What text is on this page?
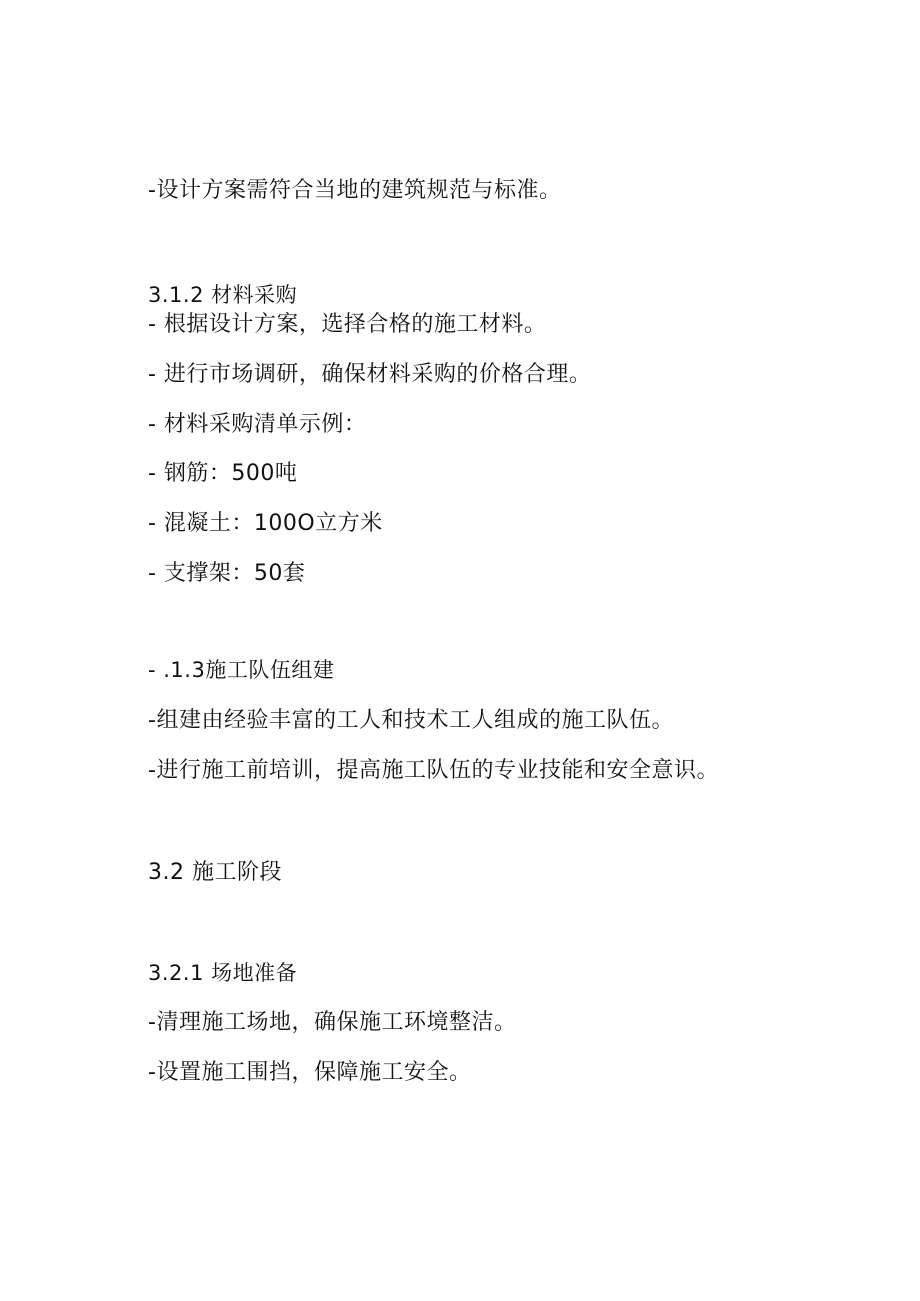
-设计方案需符合当地的建筑规范与标准。

3.1.2 材料采购

- 根据设计方案，选择合格的施工材料。

- 进行市场调研，确保材料采购的价格合理。

- 材料采购清单示例：

- 钢筋：500吨

- 混凝土：100O立方米

- 支撑架：50套

- .1.3施工队伍组建

-组建由经验丰富的工人和技术工人组成的施工队伍。

-进行施工前培训，提高施工队伍的专业技能和安全意识。

3.2 施工阶段

3.2.1 场地准备

-清理施工场地，确保施工环境整洁。

-设置施工围挡，保障施工安全。
